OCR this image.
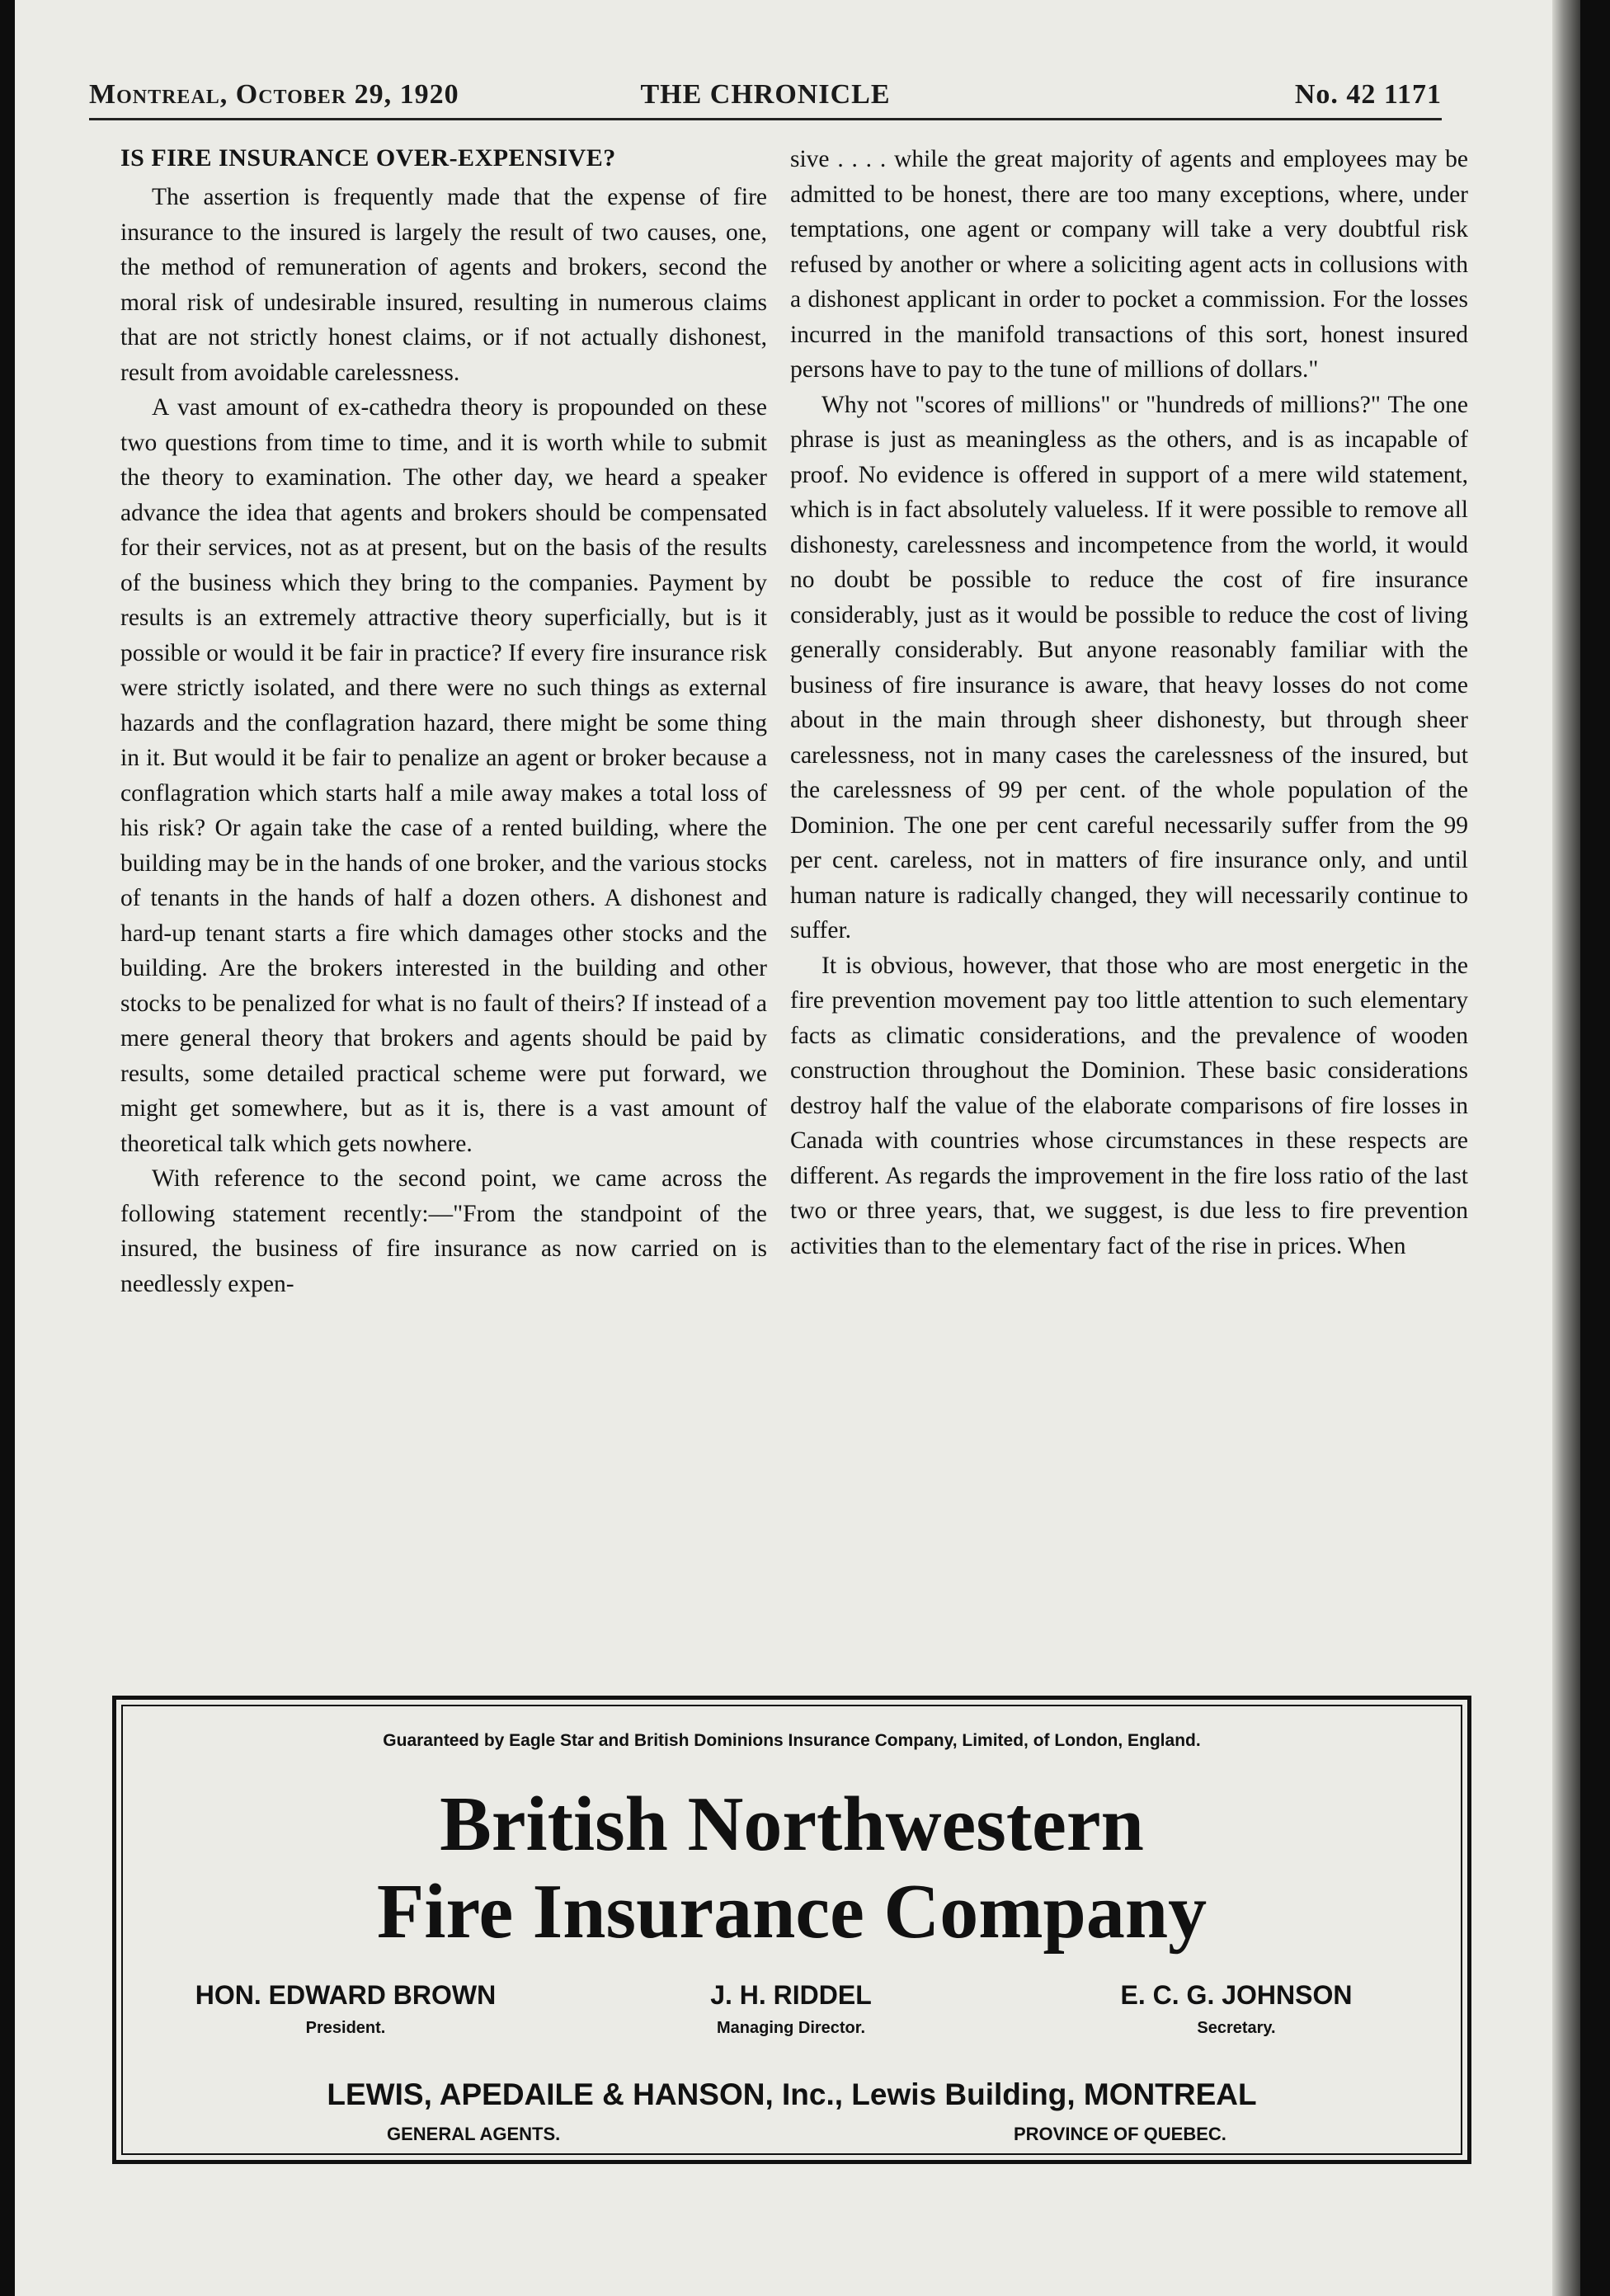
Montreal, October 29, 1920	THE CHRONICLE	No. 42 1171
IS FIRE INSURANCE OVER-EXPENSIVE?

The assertion is frequently made that the expense of fire insurance to the insured is largely the result of two causes, one, the method of remuneration of agents and brokers, second the moral risk of undesirable insured, resulting in numerous claims that are not strictly honest claims, or if not actually dishonest, result from avoidable carelessness.

A vast amount of ex-cathedra theory is propounded on these two questions from time to time, and it is worth while to submit the theory to examination. The other day, we heard a speaker advance the idea that agents and brokers should be compensated for their services, not as at present, but on the basis of the results of the business which they bring to the companies. Payment by results is an extremely attractive theory superficially, but is it possible or would it be fair in practice? If every fire insurance risk were strictly isolated, and there were no such things as external hazards and the conflagration hazard, there might be some thing in it. But would it be fair to penalize an agent or broker because a conflagration which starts half a mile away makes a total loss of his risk? Or again take the case of a rented building, where the building may be in the hands of one broker, and the various stocks of tenants in the hands of half a dozen others. A dishonest and hard-up tenant starts a fire which damages other stocks and the building. Are the brokers interested in the building and other stocks to be penalized for what is no fault of theirs? If instead of a mere general theory that brokers and agents should be paid by results, some detailed practical scheme were put forward, we might get somewhere, but as it is, there is a vast amount of theoretical talk which gets nowhere.

With reference to the second point, we came across the following statement recently:—"From the standpoint of the insured, the business of fire insurance as now carried on is needlessly expen-

sive . . . . while the great majority of agents and employees may be admitted to be honest, there are too many exceptions, where, under temptations, one agent or company will take a very doubtful risk refused by another or where a soliciting agent acts in collusions with a dishonest applicant in order to pocket a commission. For the losses incurred in the manifold transactions of this sort, honest insured persons have to pay to the tune of millions of dollars."

Why not "scores of millions" or "hundreds of millions?" The one phrase is just as meaningless as the others, and is as incapable of proof. No evidence is offered in support of a mere wild statement, which is in fact absolutely valueless. If it were possible to remove all dishonesty, carelessness and incompetence from the world, it would no doubt be possible to reduce the cost of fire insurance considerably, just as it would be possible to reduce the cost of living generally considerably. But anyone reasonably familiar with the business of fire insurance is aware, that heavy losses do not come about in the main through sheer dishonesty, but through sheer carelessness, not in many cases the carelessness of the insured, but the carelessness of 99 per cent. of the whole population of the Dominion. The one per cent careful necessarily suffer from the 99 per cent. careless, not in matters of fire insurance only, and until human nature is radically changed, they will necessarily continue to suffer.

It is obvious, however, that those who are most energetic in the fire prevention movement pay too little attention to such elementary facts as climatic considerations, and the prevalence of wooden construction throughout the Dominion. These basic considerations destroy half the value of the elaborate comparisons of fire losses in Canada with countries whose circumstances in these respects are different. As regards the improvement in the fire loss ratio of the last two or three years, that, we suggest, is due less to fire prevention activities than to the elementary fact of the rise in prices. When

Guaranteed by Eagle Star and British Dominions Insurance Company, Limited, of London, England.
British Northwestern
Fire Insurance Company
HON. EDWARD BROWN
President.
J. H. RIDDEL
Managing Director.
E. C. G. JOHNSON
Secretary.
LEWIS, APEDAILE & HANSON, Inc., Lewis Building, MONTREAL
GENERAL AGENTS.	PROVINCE OF QUEBEC.
